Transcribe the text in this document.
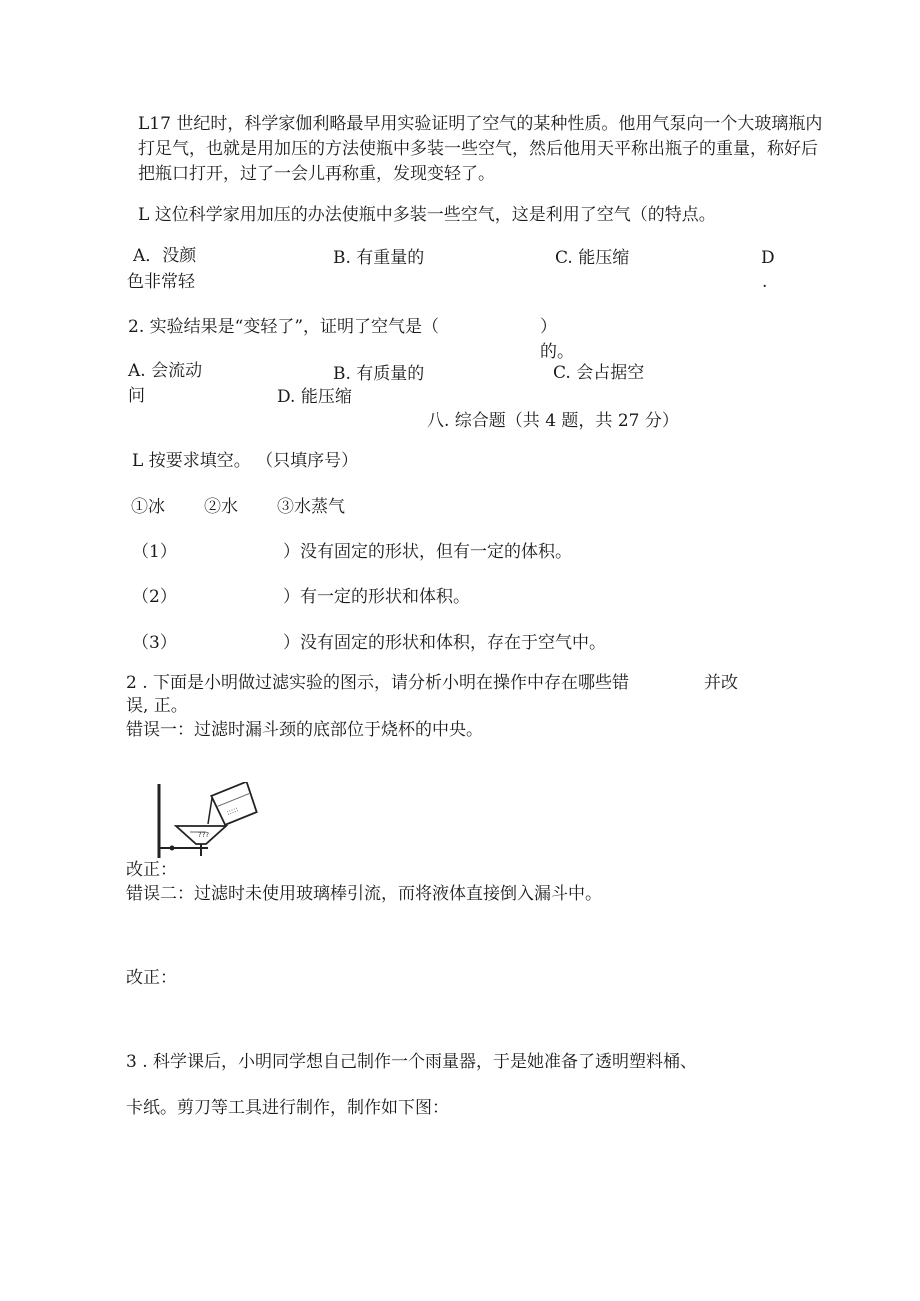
L17 世纪时，科学家伽利略最早用实验证明了空气的某种性质。他用气泵向一个大玻璃瓶内
打足气，也就是用加压的方法使瓶中多装一些空气，然后他用天平称出瓶子的重量，称好后
把瓶口打开，过了一会儿再称重，发现变轻了。
L 这位科学家用加压的办法使瓶中多装一些空气，这是利用了空气（的特点。
A．没颜
色非常轻
B. 有重量的	C. 能压缩	D
.
2. 实验结果是“变轻了”，证明了空气是（	）
的。
A. 会流动
问
B. 有质量的	C. 会占据空
D. 能压缩
八. 综合题（共 4 题，共 27 分）
L 按要求填空。 （只填序号）
①冰 ②水 ③水蒸气
（1）	）没有固定的形状，但有一定的体积。
（2）	）有一定的形状和体积。
（3）	）没有固定的形状和体积，存在于空气中。
2 . 下面是小明做过滤实验的图示，请分析小明在操作中存在哪些错	并改
误, 正。
错误一：过滤时漏斗颈的底部位于烧杯的中央。
???
:::::
改正：
错误二：过滤时未使用玻璃棒引流，而将液体直接倒入漏斗中。
改正：
3 . 科学课后，小明同学想自己制作一个雨量器，于是她准备了透明塑料桶、
卡纸。剪刀等工具进行制作，制作如下图：
